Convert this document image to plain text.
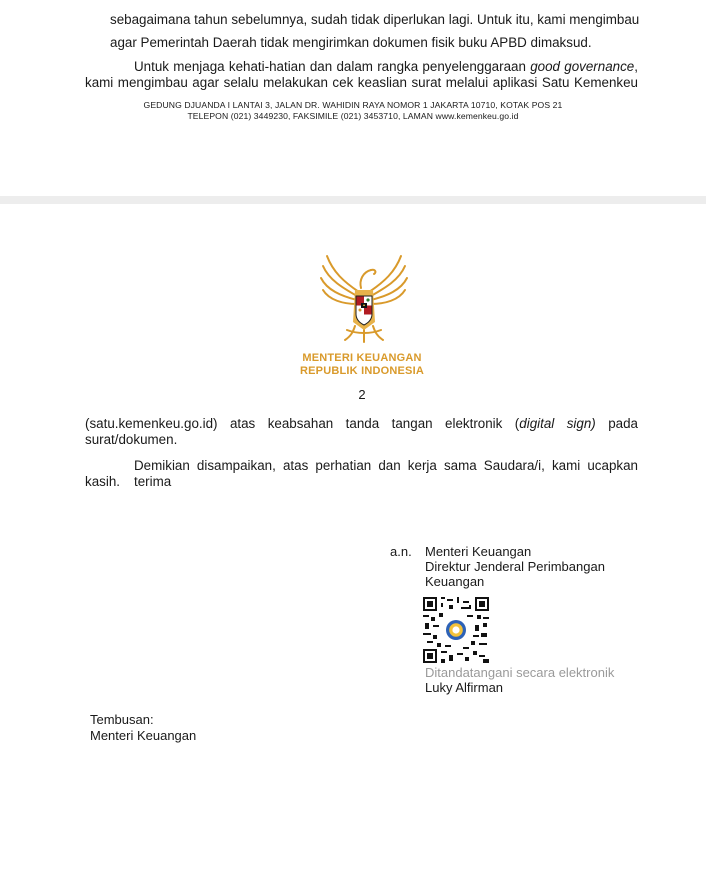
sebagaimana tahun sebelumnya, sudah tidak diperlukan lagi. Untuk itu, kami mengimbau
agar Pemerintah Daerah tidak mengirimkan dokumen fisik buku APBD dimaksud.
Untuk menjaga kehati-hatian dan dalam rangka penyelenggaraan good governance,
kami mengimbau agar selalu melakukan cek keaslian surat melalui aplikasi Satu Kemenkeu
GEDUNG DJUANDA I LANTAI 3, JALAN DR. WAHIDIN RAYA NOMOR 1 JAKARTA 10710, KOTAK POS 21
TELEPON (021) 3449230, FAKSIMILE (021) 3453710, LAMAN www.kemenkeu.go.id
MENTERI KEUANGAN
REPUBLIK INDONESIA
2
(satu.kemenkeu.go.id) atas keabsahan tanda tangan elektronik (digital sign) pada
surat/dokumen.
Demikian disampaikan, atas perhatian dan kerja sama Saudara/i, kami ucapkan terima
kasih.
a.n. Menteri Keuangan
Direktur Jenderal Perimbangan
Keuangan
Ditandatangani secara elektronik
Luky Alfirman
Tembusan:
Menteri Keuangan
